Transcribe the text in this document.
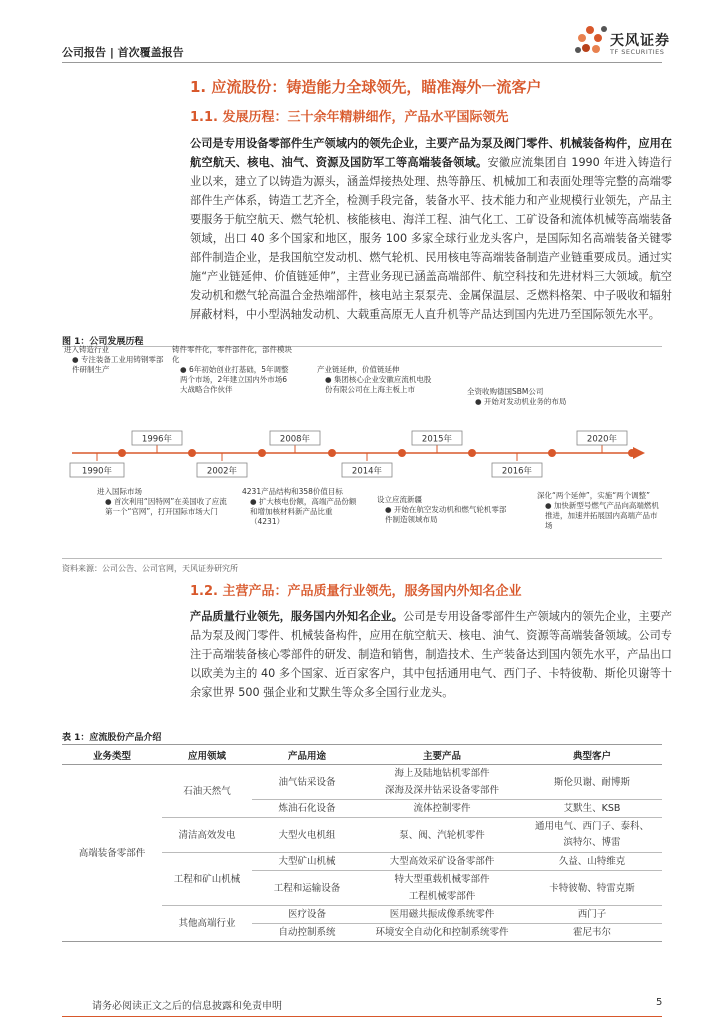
公司报告 | 首次覆盖报告
天风证券
TF SECURITIES
1. 应流股份：铸造能力全球领先，瞄准海外一流客户
1.1. 发展历程：三十余年精耕细作，产品水平国际领先

公司是专用设备零部件生产领域内的领先企业，主要产品为泵及阀门零件、机械装备构件，应用在航空航天、核电、油气、资源及国防军工等高端装备领域。安徽应流集团自 1990 年进入铸造行业以来，建立了以铸造为源头，涵盖焊接热处理、热等静压、机械加工和表面处理等完整的高端零部件生产体系，铸造工艺齐全，检测手段完备，装备水平、技术能力和产业规模行业领先，产品主要服务于航空航天、燃气轮机、核能核电、海洋工程、油气化工、工矿设备和流体机械等高端装备领域，出口 40 多个国家和地区，服务 100 多家全球行业龙头客户，是国际知名高端装备关键零部件制造企业，是我国航空发动机、燃气轮机、民用核电等高端装备制造产业链重要成员。通过实施“产业链延伸、价值链延伸”，主营业务现已涵盖高端部件、航空科技和先进材料三大领域。航空发动机和燃气轮高温合金热端部件，核电站主泵泵壳、金属保温层、乏燃料格架、中子吸收和辐射屏蔽材料，中小型涡轴发动机、大载重高原无人直升机等产品达到国内先进乃至国际领先水平。

图 1：公司发展历程
1990年
1996年
2002年
2008年
2014年
2015年
2016年
2020年
进入铸造行业
● 专注装备工业用铸钢零部件研制生产
铸件零件化，零件部件化，部件模块化
● 6年初始创业打基础，5年调整两个市场，2年建立国内外市场6大战略合作伙伴
产业链延伸，价值链延伸
● 集团核心企业安徽应流机电股份有限公司在上海主板上市	全资收购德国SBM公司
● 开始对发动机业务的布局
进入国际市场
● 首次利用“因特网”在美国收了应流第一个“官网”，打开国际市场大门
4231产品结构和358价值目标
● 扩大核电份额，高端产品份额和增加核材料新产品比重（4231）
设立应流新疆
● 开始在航空发动机和燃气轮机零部件制造领域布局
深化“两个延伸”，实施“两个调整”
● 加快新型号燃气产品向高端燃机推进，加速并拓展国内高端产品市场
资料来源：公司公告、公司官网，天风证券研究所
1.2. 主营产品：产品质量行业领先，服务国内外知名企业

产品质量行业领先，服务国内外知名企业。公司是专用设备零部件生产领域内的领先企业，主要产品为泵及阀门零件、机械装备构件，应用在航空航天、核电、油气、资源等高端装备领域。公司专注于高端装备核心零部件的研发、制造和销售，制造技术、生产装备达到国内领先水平，产品出口以欧美为主的 40 多个国家、近百家客户，其中包括通用电气、西门子、卡特彼勒、斯伦贝谢等十余家世界 500 强企业和艾默生等众多全国行业龙头。

表 1：应流股份产品介绍
业务类型	应用领域	产品用途	主要产品	典型客户
高端装备零部件	石油天然气	油气钻采设备	海上及陆地钻机零部件	斯伦贝谢、耐博斯
			深海及深井钻采设备零部件	
		炼油石化设备	流体控制零件	艾默生、KSB
	清洁高效发电	大型火电机组	泵、阀、汽轮机零件	通用电气、西门子、泰科、
滨特尔、博雷

	工程和矿山机械	大型矿山机械	大型高效采矿设备零部件	久益、山特维克
		工程和运输设备	特大型重载机械零部件	卡特彼勒、特雷克斯
			工程机械零部件	
	其他高端行业	医疗设备	医用磁共振成像系统零件	西门子
		自动控制系统	环境安全自动化和控制系统零件	霍尼韦尔
请务必阅读正文之后的信息披露和免责申明	5
